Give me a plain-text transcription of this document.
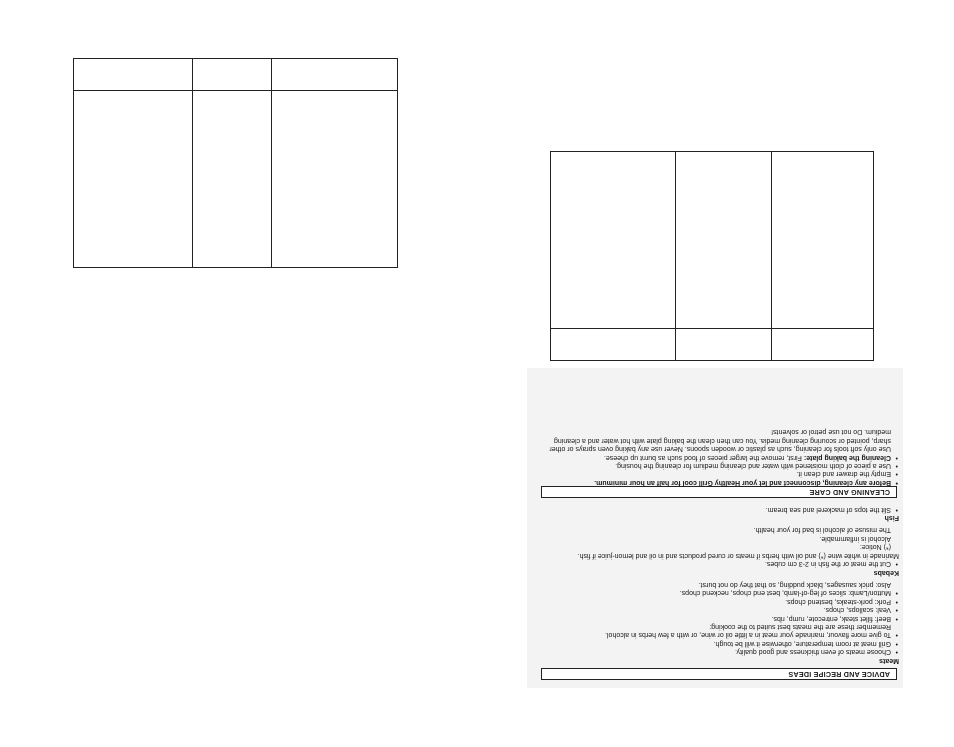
ADVICE AND RECIPE IDEAS
Meats
• Choose meats of even thickness and good quality.
• Grill meat at room temperature, otherwise it will be tough.
• To give more flavour, marinade your meat in a little oil or wine, or with a few herbs in alcohol.
Remember these are the meats best suited to the cooking:
• Beef: fillet steak, entrecote, rump, ribs.
• Veal: scallops, chops.
• Pork: pork-steaks, bestend chops.
• Mutton/Lamb: slices of leg-of-lamb, best end chops, neckend chops.
Also: prick sausages, black pudding, so that they do not burst.
Kebabs
• Cut the meat or the fish in 2-3 cm cubes.
Marinade in white wine (*) and oil with herbs if meats or cured products and in oil and lemon-juice if fish.
(*) Notice:
Alcohol is inflammable.
The misuse of alcohol is bad for your health.
Fish
• Slit the tops of mackerel and sea bream.
CLEANING AND CARE
• Before any cleaning, disconnect and let your Healthy Grill cool for half an hour minimum.
• Empty the drawer and clean it.
• Use a piece of cloth moistened with water and cleaning medium for cleaning the housing.
• Cleaning the baking plate: First, remove the larger pieces of food such as burnt up cheese.
Use only soft tools for cleaning, such as plastic or wooden spoons. Never use any baking oven sprays or other sharp, pointed or scouring cleaning media. You can then clean the baking plate with hot water and a cleaning medium. Do not use petrol or solvents!
